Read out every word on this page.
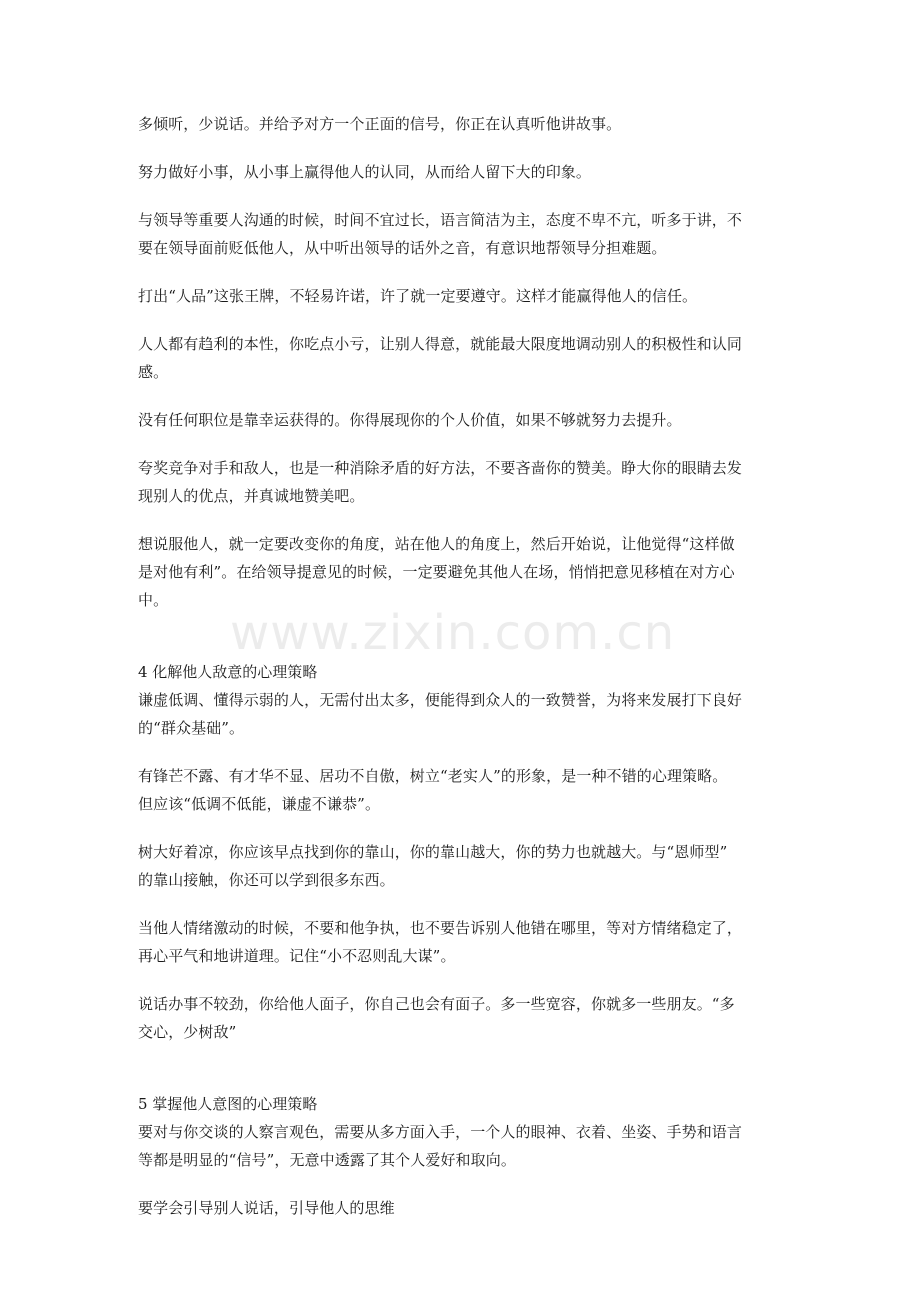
www.zixin.com.cn

多倾听，少说话。并给予对方一个正面的信号，你正在认真听他讲故事。

努力做好小事，从小事上赢得他人的认同，从而给人留下大的印象。

与领导等重要人沟通的时候，时间不宜过长，语言简洁为主，态度不卑不亢，听多于讲，不
要在领导面前贬低他人，从中听出领导的话外之音，有意识地帮领导分担难题。

打出“人品”这张王牌，不轻易许诺，许了就一定要遵守。这样才能赢得他人的信任。

人人都有趋利的本性，你吃点小亏，让别人得意，就能最大限度地调动别人的积极性和认同
感。

没有任何职位是靠幸运获得的。你得展现你的个人价值，如果不够就努力去提升。

夸奖竞争对手和敌人，也是一种消除矛盾的好方法，不要吝啬你的赞美。睁大你的眼睛去发
现别人的优点，并真诚地赞美吧。

想说服他人，就一定要改变你的角度，站在他人的角度上，然后开始说，让他觉得“这样做
是对他有利”。在给领导提意见的时候，一定要避免其他人在场，悄悄把意见移植在对方心
中。

4 化解他人敌意的心理策略

谦虚低调、懂得示弱的人，无需付出太多，便能得到众人的一致赞誉，为将来发展打下良好
的“群众基础”。

有锋芒不露、有才华不显、居功不自傲，树立“老实人”的形象，是一种不错的心理策略。
但应该“低调不低能，谦虚不谦恭”。

树大好着凉，你应该早点找到你的靠山，你的靠山越大，你的势力也就越大。与“恩师型”
的靠山接触，你还可以学到很多东西。

当他人情绪激动的时候，不要和他争执，也不要告诉别人他错在哪里，等对方情绪稳定了，
再心平气和地讲道理。记住“小不忍则乱大谋”。

说话办事不较劲，你给他人面子，你自己也会有面子。多一些宽容，你就多一些朋友。“多
交心，少树敌”

5 掌握他人意图的心理策略

要对与你交谈的人察言观色，需要从多方面入手，一个人的眼神、衣着、坐姿、手势和语言
等都是明显的“信号”，无意中透露了其个人爱好和取向。

要学会引导别人说话，引导他人的思维
